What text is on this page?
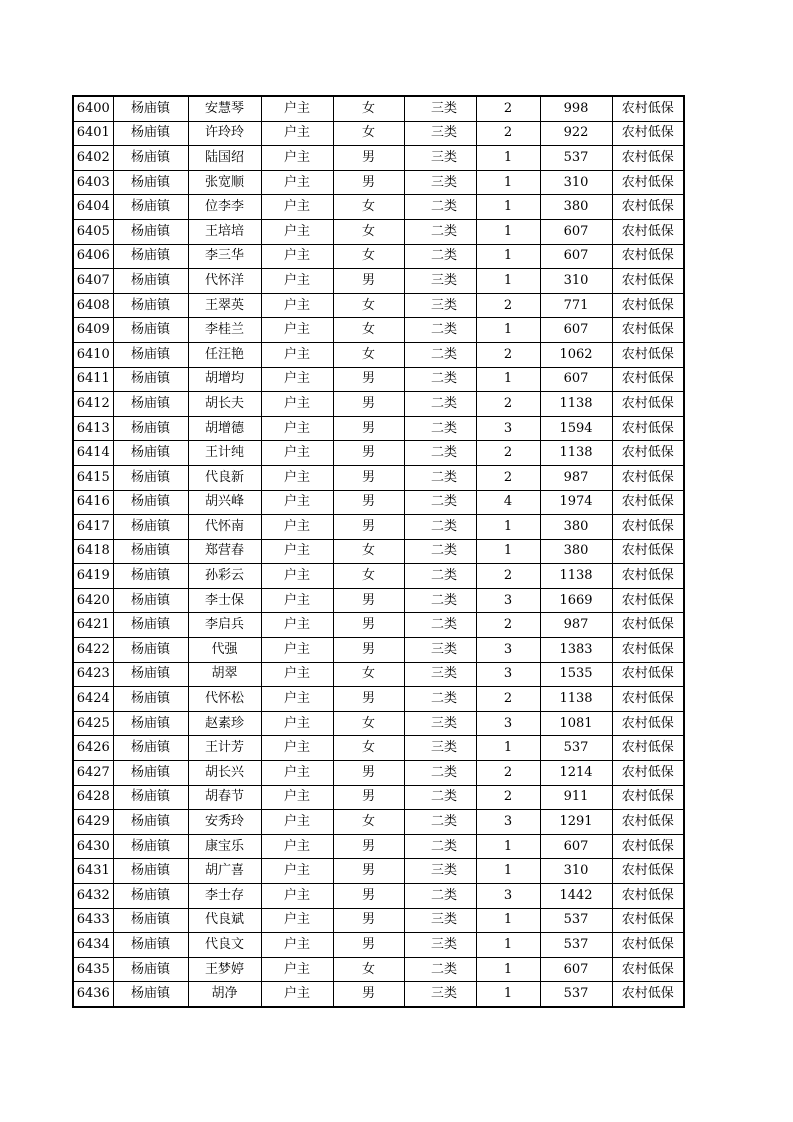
6400	杨庙镇	安慧琴	户主	女	三类	2	998	农村低保
6401	杨庙镇	许玲玲	户主	女	三类	2	922	农村低保
6402	杨庙镇	陆国绍	户主	男	三类	1	537	农村低保
6403	杨庙镇	张宽顺	户主	男	三类	1	310	农村低保
6404	杨庙镇	位李李	户主	女	二类	1	380	农村低保
6405	杨庙镇	王培培	户主	女	二类	1	607	农村低保
6406	杨庙镇	李三华	户主	女	二类	1	607	农村低保
6407	杨庙镇	代怀洋	户主	男	三类	1	310	农村低保
6408	杨庙镇	王翠英	户主	女	三类	2	771	农村低保
6409	杨庙镇	李桂兰	户主	女	二类	1	607	农村低保
6410	杨庙镇	任汪艳	户主	女	二类	2	1062	农村低保
6411	杨庙镇	胡增均	户主	男	二类	1	607	农村低保
6412	杨庙镇	胡长夫	户主	男	二类	2	1138	农村低保
6413	杨庙镇	胡增德	户主	男	二类	3	1594	农村低保
6414	杨庙镇	王计纯	户主	男	二类	2	1138	农村低保
6415	杨庙镇	代良新	户主	男	二类	2	987	农村低保
6416	杨庙镇	胡兴峰	户主	男	二类	4	1974	农村低保
6417	杨庙镇	代怀南	户主	男	二类	1	380	农村低保
6418	杨庙镇	郑营春	户主	女	二类	1	380	农村低保
6419	杨庙镇	孙彩云	户主	女	二类	2	1138	农村低保
6420	杨庙镇	李士保	户主	男	二类	3	1669	农村低保
6421	杨庙镇	李启兵	户主	男	二类	2	987	农村低保
6422	杨庙镇	代强	户主	男	三类	3	1383	农村低保
6423	杨庙镇	胡翠	户主	女	三类	3	1535	农村低保
6424	杨庙镇	代怀松	户主	男	二类	2	1138	农村低保
6425	杨庙镇	赵素珍	户主	女	三类	3	1081	农村低保
6426	杨庙镇	王计芳	户主	女	三类	1	537	农村低保
6427	杨庙镇	胡长兴	户主	男	二类	2	1214	农村低保
6428	杨庙镇	胡春节	户主	男	二类	2	911	农村低保
6429	杨庙镇	安秀玲	户主	女	二类	3	1291	农村低保
6430	杨庙镇	康宝乐	户主	男	二类	1	607	农村低保
6431	杨庙镇	胡广喜	户主	男	三类	1	310	农村低保
6432	杨庙镇	李士存	户主	男	二类	3	1442	农村低保
6433	杨庙镇	代良斌	户主	男	三类	1	537	农村低保
6434	杨庙镇	代良文	户主	男	三类	1	537	农村低保
6435	杨庙镇	王梦婷	户主	女	二类	1	607	农村低保
6436	杨庙镇	胡净	户主	男	三类	1	537	农村低保
